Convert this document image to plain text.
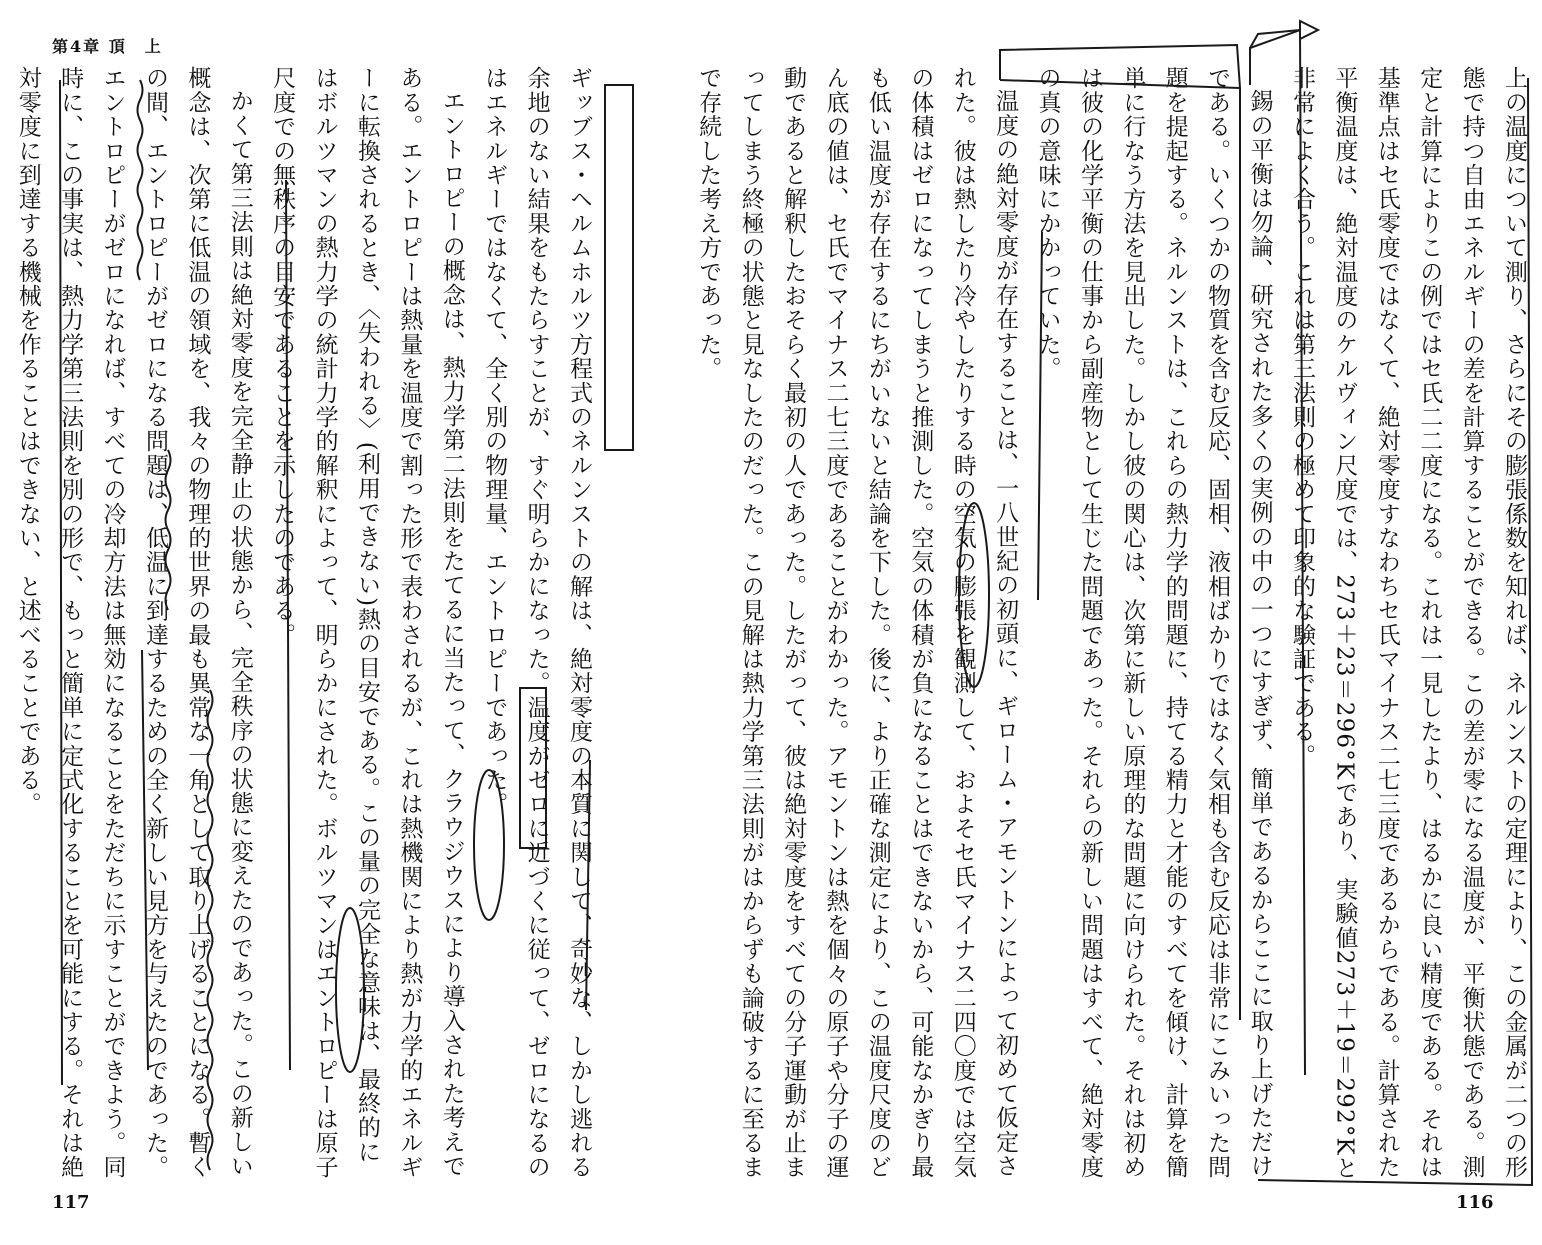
第4章 頂　上

上の温度について測り、さらにその膨張係数を知れば、ネルンストの定理により、この金属が二つの形態で持つ自由エネルギーの差を計算することができる。この差が零になる温度が、平衡状態である。測定と計算によりこの例ではセ氏二二度になる。これは一見したより、はるかに良い精度である。それは基準点はセ氏零度ではなくて、絶対零度すなわちセ氏マイナス二七三度であるからである。計算された平衡温度は、絶対温度のケルヴィン尺度では、273＋23＝296°Kであり、実験値273＋19＝292°Kと非常によく合う。これは第三法則の極めて印象的な験証である。

錫の平衡は勿論、研究された多くの実例の中の一つにすぎず、簡単であるからここに取り上げただけである。いくつかの物質を含む反応、固相、液相ばかりではなく気相も含む反応は非常にこみいった問題を提起する。ネルンストは、これらの熱力学的問題に、持てる精力と才能のすべてを傾け、計算を簡単に行なう方法を見出した。しかし彼の関心は、次第に新しい原理的な問題に向けられた。それは初めは彼の化学平衡の仕事から副産物として生じた問題であった。それらの新しい問題はすべて、絶対零度の真の意味にかかっていた。

温度の絶対零度が存在することは、一八世紀の初頭に、ギローム・アモントンによって初めて仮定された。彼は熱したり冷やしたりする時の空気の膨張を観測して、およそセ氏マイナス二四〇度では空気の体積はゼロになってしまうと推測した。空気の体積が負になることはできないから、可能なかぎり最も低い温度が存在するにちがいないと結論を下した。後に、より正確な測定により、この温度尺度のどん底の値は、セ氏でマイナス二七三度であることがわかった。アモントンは熱を個々の原子や分子の運動であると解釈したおそらく最初の人であった。したがって、彼は絶対零度をすべての分子運動が止まってしまう終極の状態と見なしたのだった。この見解は熱力学第三法則がはからずも論破するに至るまで存続した考え方であった。

ギッブス・ヘルムホルツ方程式のネルンストの解は、絶対零度の本質に関して、奇妙な、しかし逃れる余地のない結果をもたらすことが、すぐ明らかになった。温度がゼロに近づくに従って、ゼロになるのはエネルギーではなくて、全く別の物理量、エントロピーであった。

エントロピーの概念は、熱力学第二法則をたてるに当たって、クラウジウスにより導入された考えである。エントロピーは熱量を温度で割った形で表わされるが、これは熱機関により熱が力学的エネルギーに転換されるとき、〈失われる〉(利用できない)熱の目安である。この量の完全な意味は、最終的にはボルツマンの熱力学の統計力学的解釈によって、明らかにされた。ボルツマンはエントロピーは原子尺度での無秩序の目安であることを示したのである。

かくて第三法則は絶対零度を完全静止の状態から、完全秩序の状態に変えたのであった。この新しい概念は、次第に低温の領域を、我々の物理的世界の最も異常な一角として取り上げることになる。暫くの間、エントロピーがゼロになる問題は、低温に到達するための全く新しい見方を与えたのであった。エントロピーがゼロになれば、すべての冷却方法は無効になることをただちに示すことができよう。同時に、この事実は、熱力学第三法則を別の形で、もっと簡単に定式化することを可能にする。それは絶対零度に到達する機械を作ることはできない、と述べることである。

117	116
